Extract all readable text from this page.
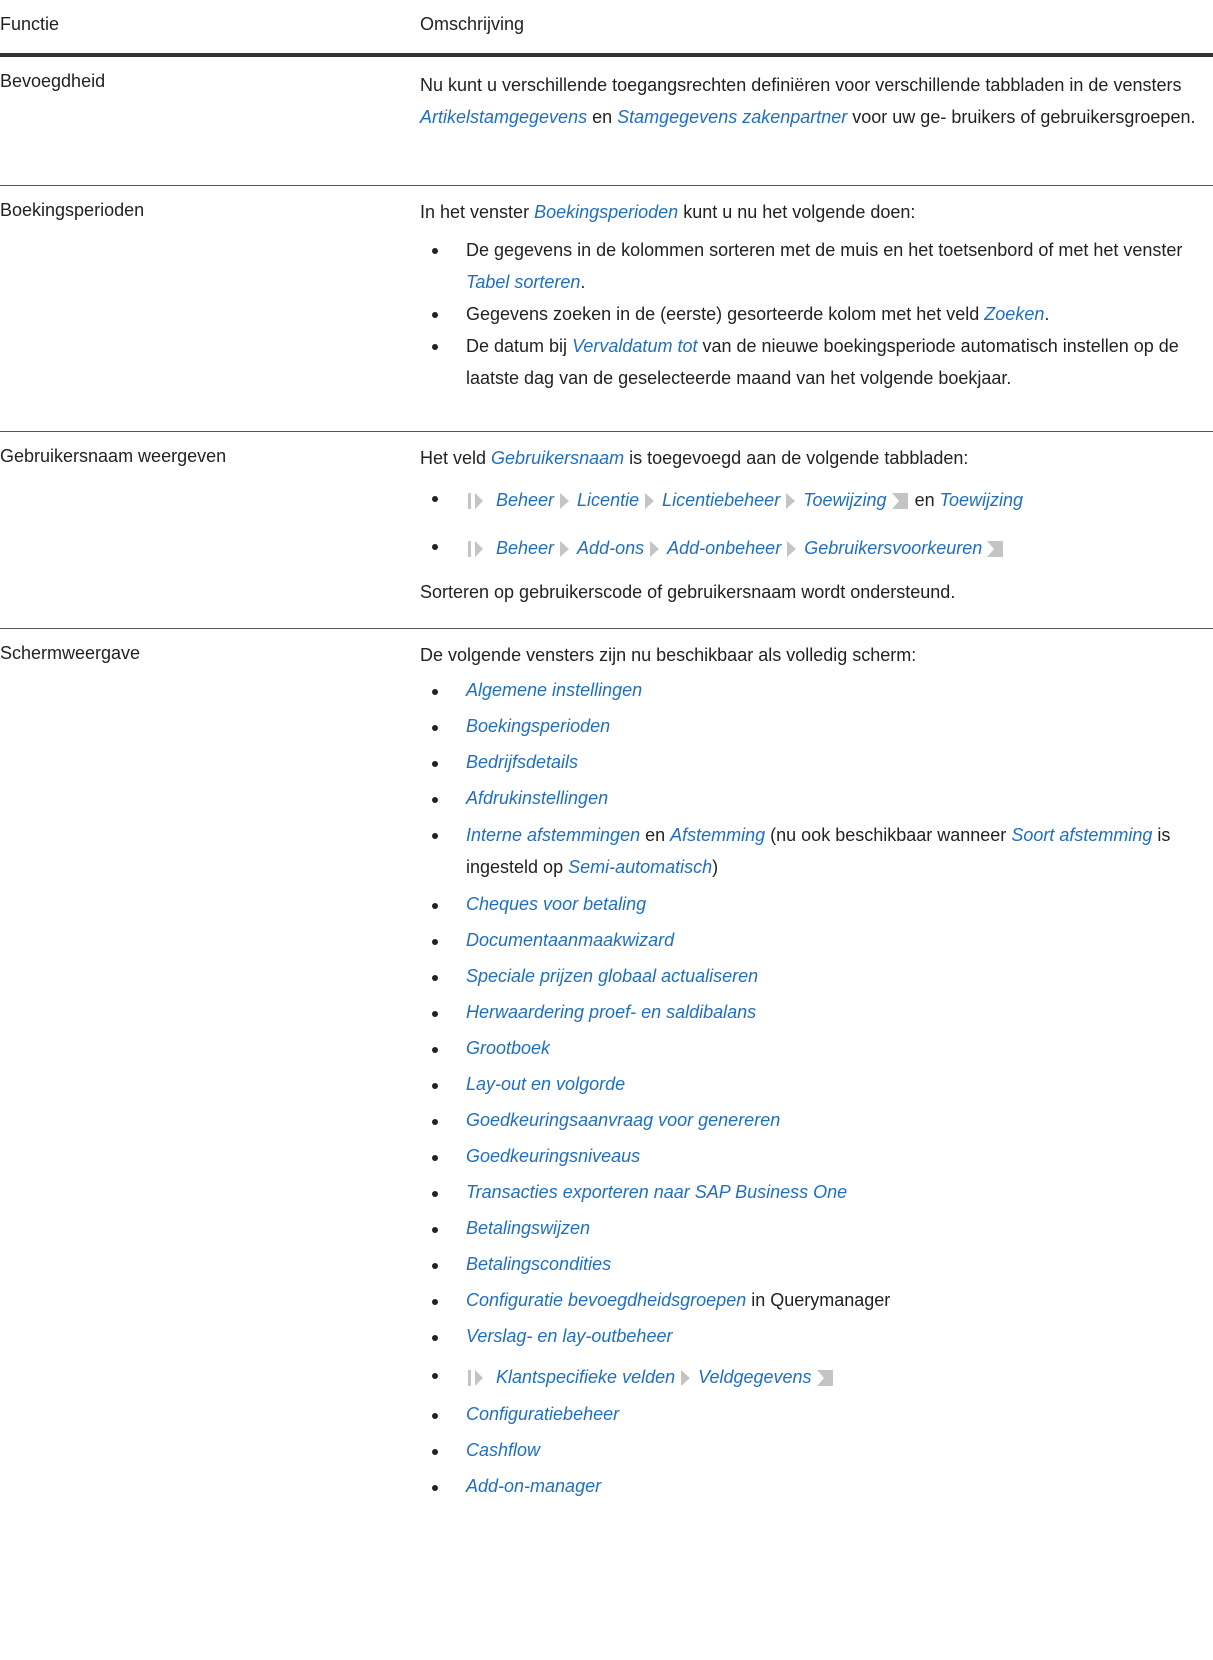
Functie	Omschrijving
Bevoegdheid	Nu kunt u verschillende toegangsrechten definiëren voor verschillende tabbladen in de vensters Artikelstamgegevens en Stamgegevens zakenpartner voor uw ge- bruikers of gebruikersgroepen.

Boekingsperioden	In het venster Boekingsperioden kunt u nu het volgende doen:

De gegevens in de kolommen sorteren met de muis en het toetsenbord of met het venster Tabel sorteren.
Gegevens zoeken in de (eerste) gesorteerde kolom met het veld Zoeken.
De datum bij Vervaldatum tot van de nieuwe boekingsperiode automatisch instellen op de laatste dag van de geselecteerde maand van het volgende boekjaar.
Gebruikersnaam weergeven	Het veld Gebruikersnaam is toegevoegd aan de volgende tabbladen:

Beheer Licentie Licentiebeheer Toewijzing en Toewijzing
Beheer Add-ons Add-onbeheer Gebruikersvoorkeuren

Sorteren op gebruikerscode of gebruikersnaam wordt ondersteund.

Schermweergave	De volgende vensters zijn nu beschikbaar als volledig scherm:

Algemene instellingen
Boekingsperioden
Bedrijfsdetails
Afdrukinstellingen
Interne afstemmingen en Afstemming (nu ook beschikbaar wanneer Soort afstemming is ingesteld op Semi-automatisch)
Cheques voor betaling
Documentaanmaakwizard
Speciale prijzen globaal actualiseren
Herwaardering proef- en saldibalans
Grootboek
Lay-out en volgorde
Goedkeuringsaanvraag voor genereren
Goedkeuringsniveaus
Transacties exporteren naar SAP Business One
Betalingswijzen
Betalingscondities
Configuratie bevoegdheidsgroepen in Querymanager
Verslag- en lay-outbeheer
Klantspecifieke velden Veldgegevens
Configuratiebeheer
Cashflow
Add-on-manager
